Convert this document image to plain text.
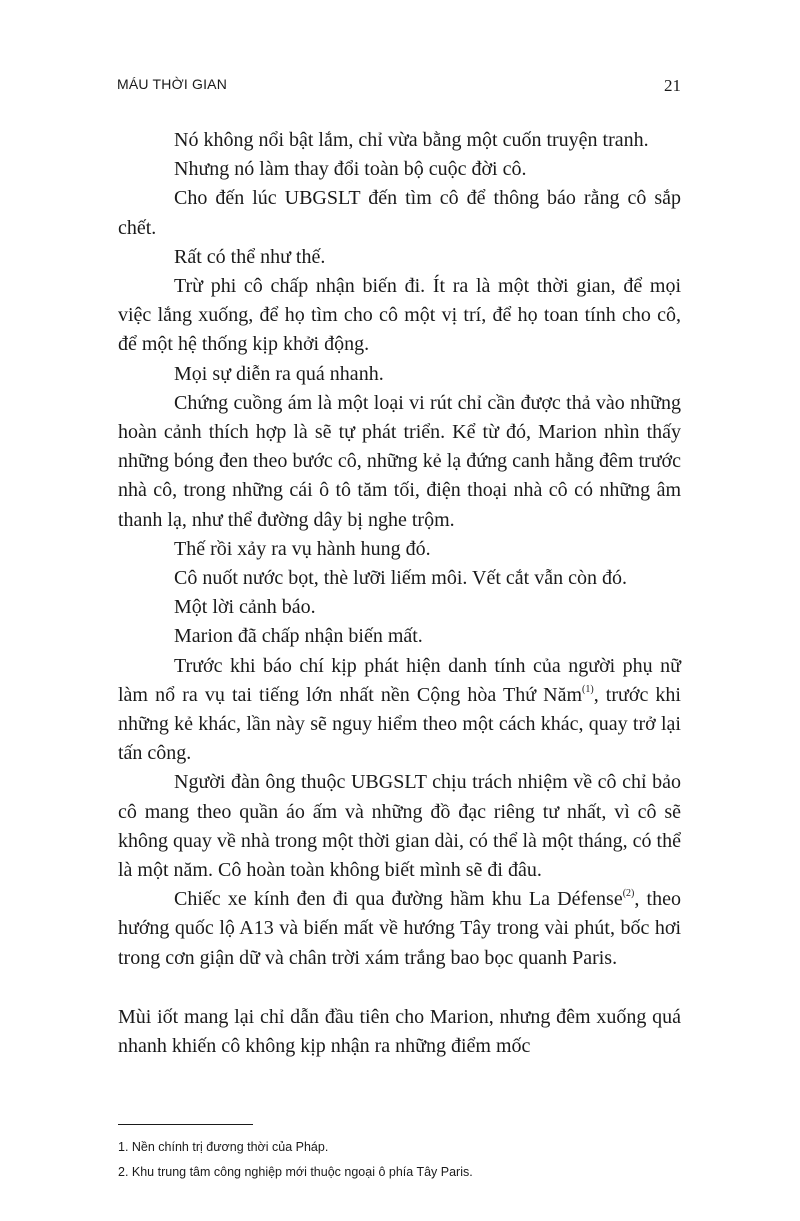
MÁU THỜI GIAN	21

Nó không nổi bật lắm, chỉ vừa bằng một cuốn truyện tranh.

Nhưng nó làm thay đổi toàn bộ cuộc đời cô.

Cho đến lúc UBGSLT đến tìm cô để thông báo rằng cô sắp chết.

Rất có thể như thế.

Trừ phi cô chấp nhận biến đi. Ít ra là một thời gian, để mọi việc lắng xuống, để họ tìm cho cô một vị trí, để họ toan tính cho cô, để một hệ thống kịp khởi động.

Mọi sự diễn ra quá nhanh.

Chứng cuồng ám là một loại vi rút chỉ cần được thả vào những hoàn cảnh thích hợp là sẽ tự phát triển. Kể từ đó, Marion nhìn thấy những bóng đen theo bước cô, những kẻ lạ đứng canh hằng đêm trước nhà cô, trong những cái ô tô tăm tối, điện thoại nhà cô có những âm thanh lạ, như thể đường dây bị nghe trộm.

Thế rồi xảy ra vụ hành hung đó.

Cô nuốt nước bọt, thè lưỡi liếm môi. Vết cắt vẫn còn đó.

Một lời cảnh báo.

Marion đã chấp nhận biến mất.

Trước khi báo chí kịp phát hiện danh tính của người phụ nữ làm nổ ra vụ tai tiếng lớn nhất nền Cộng hòa Thứ Năm$^{(1)}$, trước khi những kẻ khác, lần này sẽ nguy hiểm theo một cách khác, quay trở lại tấn công.

Người đàn ông thuộc UBGSLT chịu trách nhiệm về cô chỉ bảo cô mang theo quần áo ấm và những đồ đạc riêng tư nhất, vì cô sẽ không quay về nhà trong một thời gian dài, có thể là một tháng, có thể là một năm. Cô hoàn toàn không biết mình sẽ đi đâu.

Chiếc xe kính đen đi qua đường hầm khu La Défense$^{(2)}$, theo hướng quốc lộ A13 và biến mất về hướng Tây trong vài phút, bốc hơi trong cơn giận dữ và chân trời xám trắng bao bọc quanh Paris.

Mùi iốt mang lại chỉ dẫn đầu tiên cho Marion, nhưng đêm xuống quá nhanh khiến cô không kịp nhận ra những điểm mốc

1. Nền chính trị đương thời của Pháp.
2. Khu trung tâm công nghiệp mới thuộc ngoại ô phía Tây Paris.
